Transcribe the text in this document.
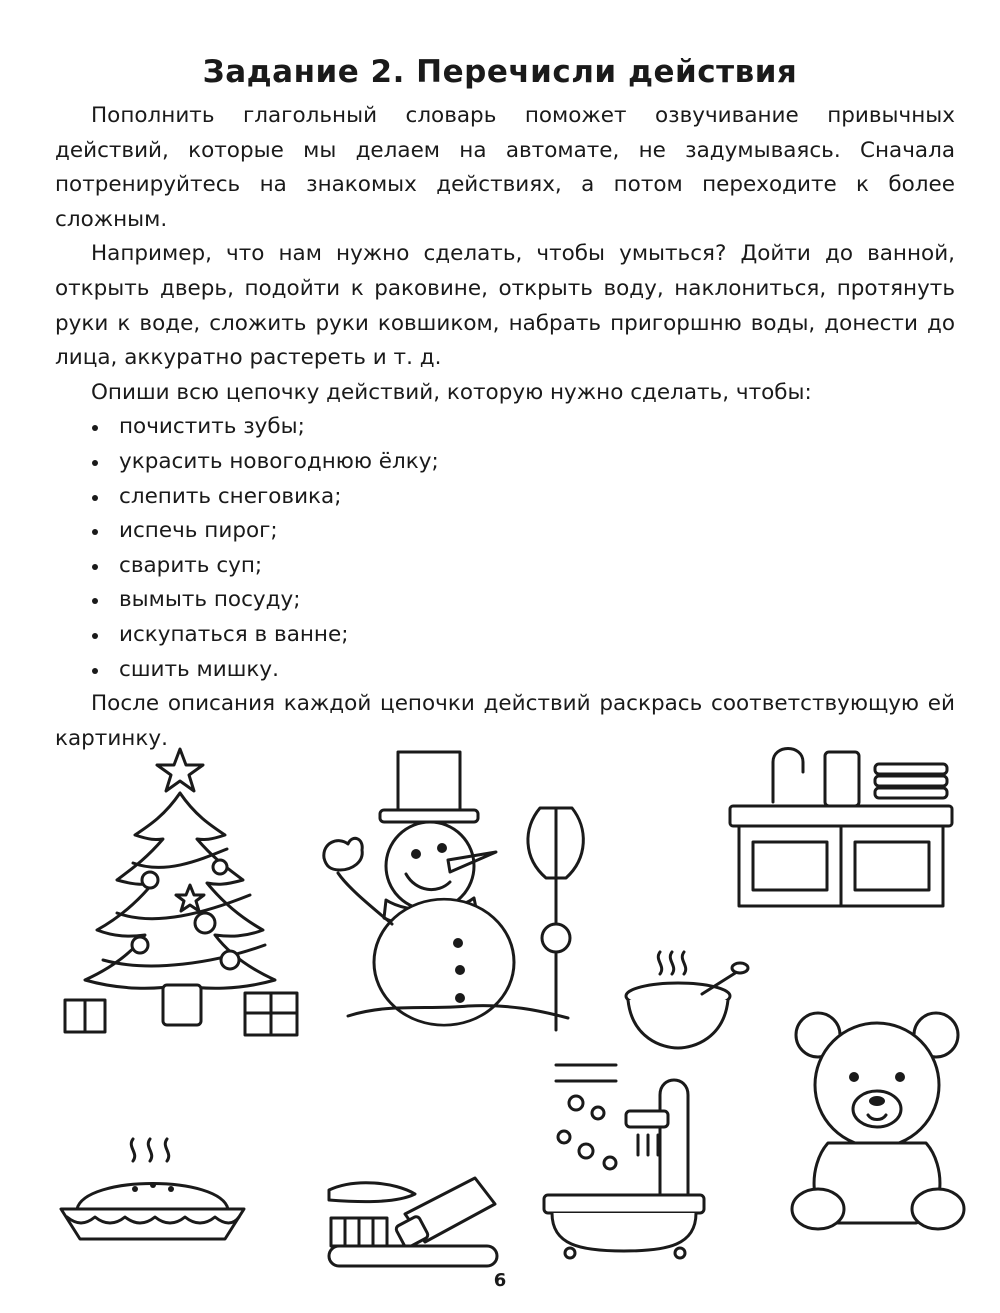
Задание 2. Перечисли действия

Пополнить глагольный словарь поможет озвучивание привычных действий, которые мы делаем на автомате, не задумываясь. Сначала потренируйтесь на знакомых действиях, а потом переходите к более сложным.

Например, что нам нужно сделать, чтобы умыться? Дойти до ванной, открыть дверь, подойти к раковине, открыть воду, наклониться, протянуть руки к воде, сложить руки ковшиком, набрать пригоршню воды, донести до лица, аккуратно растереть и т. д.

Опиши всю цепочку действий, которую нужно сделать, чтобы:

почистить зубы;
украсить новогоднюю ёлку;
слепить снеговика;
испечь пирог;
сварить суп;
вымыть посуду;
искупаться в ванне;
сшить мишку.

После описания каждой цепочки действий раскрась соответствующую ей картинку.

6
